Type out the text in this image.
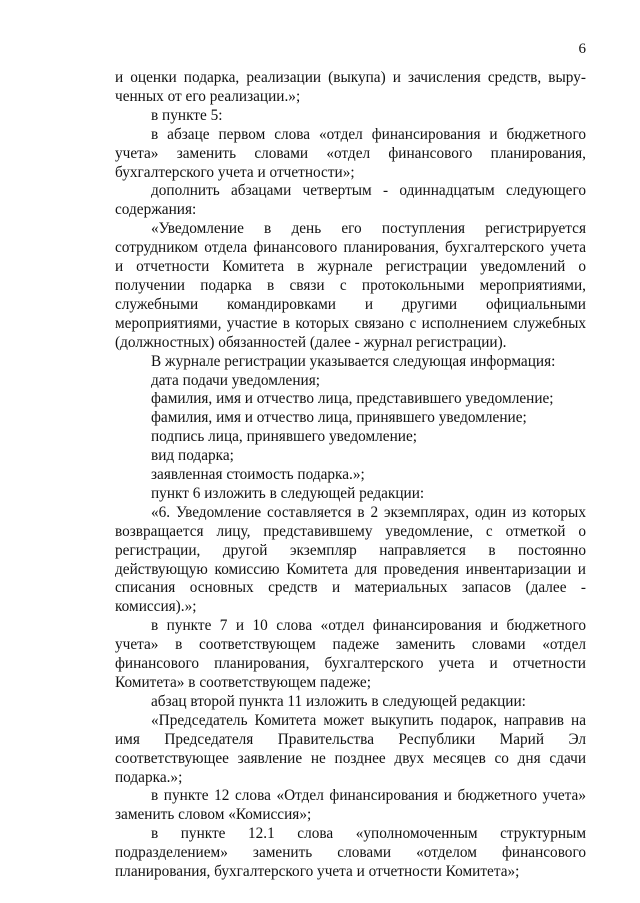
6

и оценки подарка, реализации (выкупа) и зачисления средств, вырученных от его реализации.»;

в пункте 5:

в абзаце первом слова «отдел финансирования и бюджетного учета» заменить словами «отдел финансового планирования, бухгалтерского учета и отчетности»;

дополнить абзацами четвертым - одиннадцатым следующего содержания:

«Уведомление в день его поступления регистрируется сотрудником отдела финансового планирования, бухгалтерского учета и отчетности Комитета в журнале регистрации уведомлений о получении подарка в связи с протокольными мероприятиями, служебными командировками и другими официальными мероприятиями, участие в которых связано с исполнением служебных (должностных) обязанностей (далее - журнал регистрации).

В журнале регистрации указывается следующая информация:

дата подачи уведомления;

фамилия, имя и отчество лица, представившего уведомление;

фамилия, имя и отчество лица, принявшего уведомление;

подпись лица, принявшего уведомление;

вид подарка;

заявленная стоимость подарка.»;

пункт 6 изложить в следующей редакции:

«6. Уведомление составляется в 2 экземплярах, один из которых возвращается лицу, представившему уведомление, с отметкой о регистрации, другой экземпляр направляется в постоянно действующую комиссию Комитета для проведения инвентаризации и списания основных средств и материальных запасов (далее - комиссия).»;

в пункте 7 и 10 слова «отдел финансирования и бюджетного учета» в соответствующем падеже заменить словами «отдел финансового планирования, бухгалтерского учета и отчетности Комитета» в соответствующем падеже;

абзац второй пункта 11 изложить в следующей редакции:

«Председатель Комитета может выкупить подарок, направив на имя Председателя Правительства Республики Марий Эл соответствующее заявление не позднее двух месяцев со дня сдачи подарка.»;

в пункте 12 слова «Отдел финансирования и бюджетного учета» заменить словом «Комиссия»;

в пункте 12.1 слова «уполномоченным структурным подразделением» заменить словами «отделом финансового планирования, бухгалтерского учета и отчетности Комитета»;
